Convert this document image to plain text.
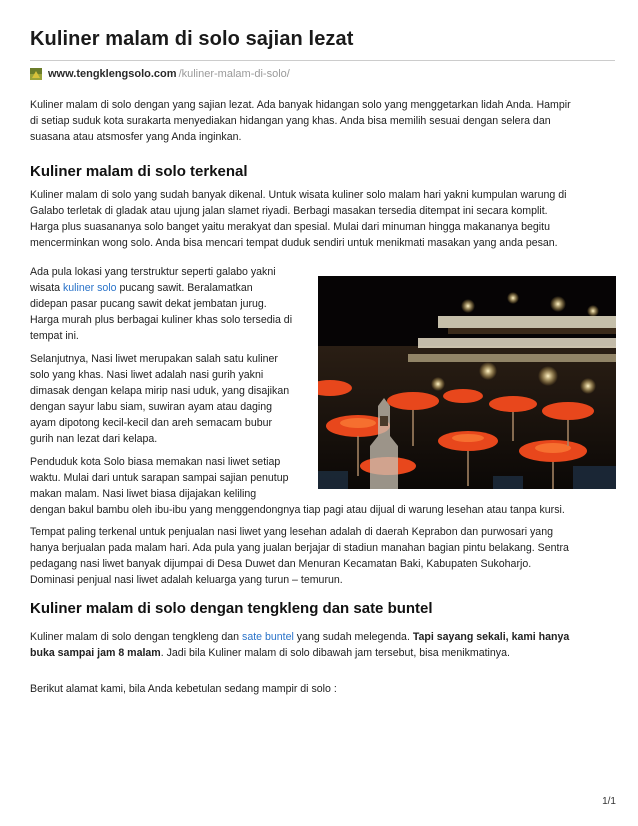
Kuliner malam di solo sajian lezat
www.tengklengsolo.com /kuliner-malam-di-solo/
Kuliner malam di solo dengan yang sajian lezat. Ada banyak hidangan solo yang menggetarkan lidah Anda. Hampir
di setiap suduk kota surakarta menyediakan hidangan yang khas. Anda bisa memilih sesuai dengan selera dan
suasana atau atsmosfer yang Anda inginkan.
Kuliner malam di solo terkenal
Kuliner malam di solo yang sudah banyak dikenal. Untuk wisata kuliner solo malam hari yakni kumpulan warung di
Galabo terletak di gladak atau ujung jalan slamet riyadi. Berbagi masakan tersedia ditempat ini secara komplit.
Harga plus suasananya solo banget yaitu merakyat dan spesial. Mulai dari minuman hingga makananya begitu
mencerminkan wong solo. Anda bisa mencari tempat duduk sendiri untuk menikmati masakan yang anda pesan.
Ada pula lokasi yang terstruktur seperti galabo yakni
wisata kuliner solo pucang sawit. Beralamatkan
didepan pasar pucang sawit dekat jembatan jurug.
Harga murah plus berbagai kuliner khas solo tersedia di
tempat ini.
Selanjutnya, Nasi liwet merupakan salah satu kuliner
solo yang khas. Nasi liwet adalah nasi gurih yakni
dimasak dengan kelapa mirip nasi uduk, yang disajikan
dengan sayur labu siam, suwiran ayam atau daging
ayam dipotong kecil-kecil dan areh semacam bubur
gurih nan lezat dari kelapa.
Penduduk kota Solo biasa memakan nasi liwet setiap
waktu. Mulai dari untuk sarapan sampai sajian penutup
makan malam. Nasi liwet biasa dijajakan keliling
dengan bakul bambu oleh ibu-ibu yang menggendongnya tiap pagi atau dijual di warung lesehan atau tanpa kursi.
Tempat paling terkenal untuk penjualan nasi liwet yang lesehan adalah di daerah Keprabon dan purwosari yang
hanya berjualan pada malam hari. Ada pula yang jualan berjajar di stadiun manahan bagian pintu belakang. Sentra
pedagang nasi liwet banyak dijumpai di Desa Duwet dan Menuran Kecamatan Baki, Kabupaten Sukoharjo.
Dominasi penjual nasi liwet adalah keluarga yang turun – temurun.
Kuliner malam di solo dengan tengkleng dan sate buntel
Kuliner malam di solo dengan tengkleng dan sate buntel yang sudah melegenda. Tapi sayang sekali, kami hanya
buka sampai jam 8 malam. Jadi bila Kuliner malam di solo dibawah jam tersebut, bisa menikmatinya.
Berikut alamat kami, bila Anda kebetulan sedang mampir di solo :
1/1
